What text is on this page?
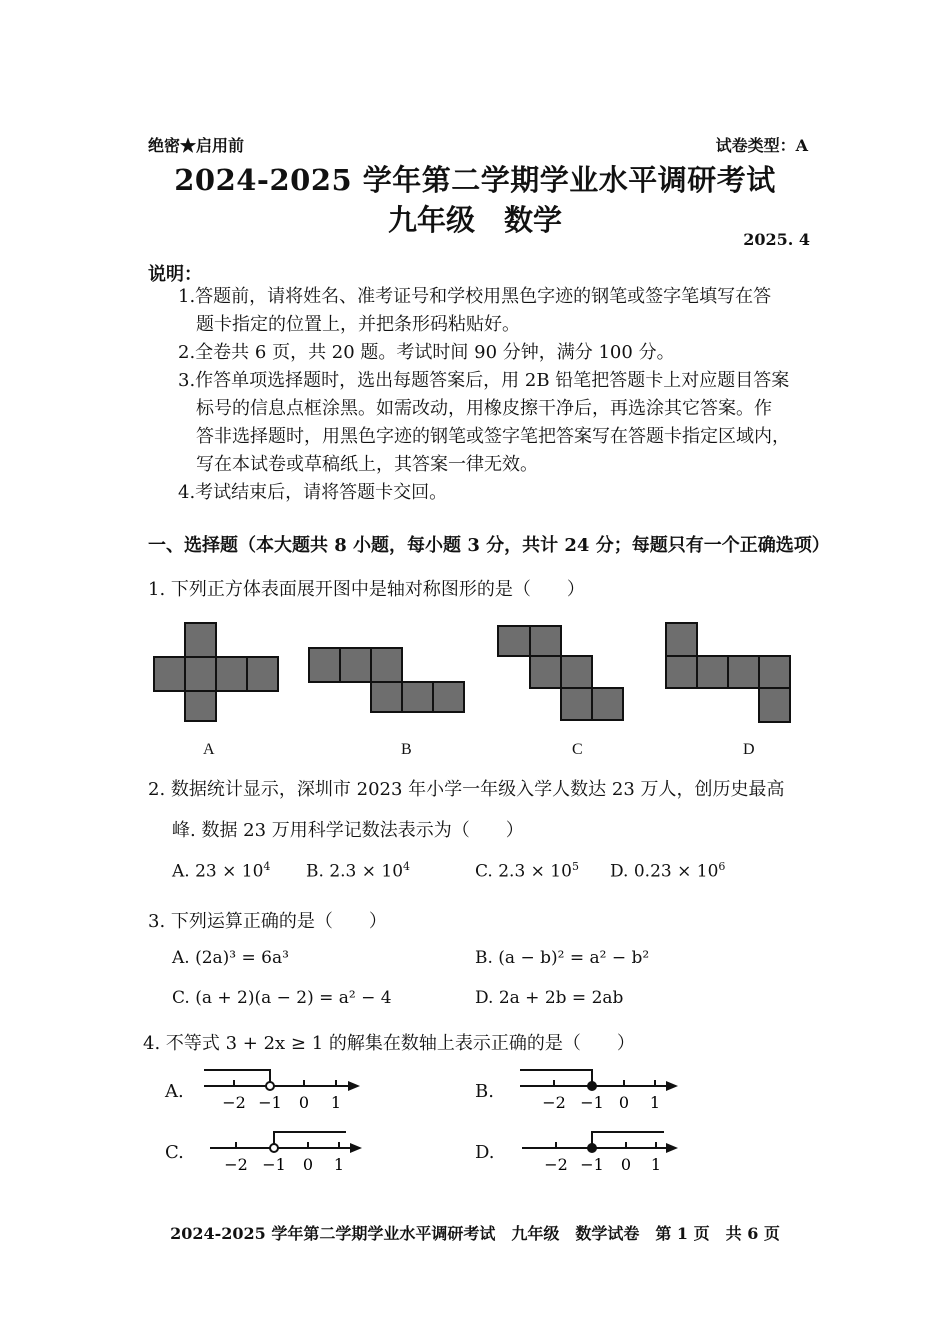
绝密★启用前	试卷类型：A
2024-2025 学年第二学期学业水平调研考试
九年级　数学
2025. 4
说明：
1.答题前，请将姓名、准考证号和学校用黑色字迹的钢笔或签字笔填写在答
题卡指定的位置上，并把条形码粘贴好。
2.全卷共 6 页，共 20 题。考试时间 90 分钟，满分 100 分。
3.作答单项选择题时，选出每题答案后，用 2B 铅笔把答题卡上对应题目答案
标号的信息点框涂黑。如需改动，用橡皮擦干净后，再选涂其它答案。作
答非选择题时，用黑色字迹的钢笔或签字笔把答案写在答题卡指定区域内，
写在本试卷或草稿纸上，其答案一律无效。
4.考试结束后，请将答题卡交回。
一、选择题（本大题共 8 小题，每小题 3 分，共计 24 分；每题只有一个正确选项）
1. 下列正方体表面展开图中是轴对称图形的是（　　）
A	B	C	D
2. 数据统计显示，深圳市 2023 年小学一年级入学人数达 23 万人，创历史最高
峰. 数据 23 万用科学记数法表示为（　　）
A. $23 \times 10^4$ B. $2.3 \times 10^4$	C. $2.3 \times 10^5$ D. $0.23 \times 10^6$
3. 下列运算正确的是（　　）
A. (2a)³ = 6a³	B. (a − b)² = a² − b²
C. (a + 2)(a − 2) = a² − 4	D. 2a + 2b = 2ab
4. 不等式 3 + 2x ≥ 1 的解集在数轴上表示正确的是（　　）
A.
−2 −1 0 1
B.
−2 −1 0 1
C.
−2 −1 0 1
D.
−2 −1 0 1
2024-2025 学年第二学期学业水平调研考试　九年级　数学试卷　第 1 页　共 6 页
